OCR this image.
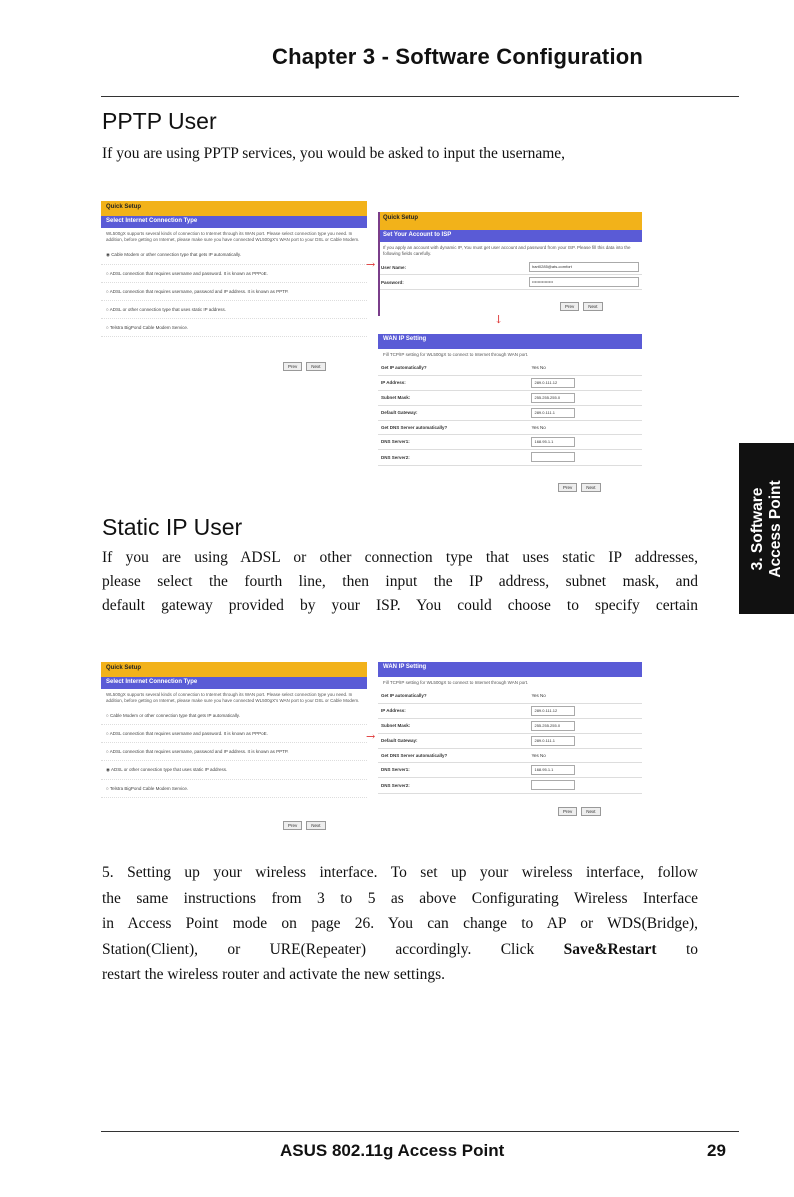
Chapter 3 - Software Configuration
PPTP User
If you are using PPTP services, you would be asked to input the username,
Quick Setup
Select Internet Connection Type
WL500gX supports several kinds of connection to Internet through its WAN port. Please select connection type you need. In addition, before getting on Internet, please make sure you have connected WL500gX's WAN port to your DSL or Cable Modem.
◉ Cable Modem or other connection type that gets IP automatically.
○ ADSL connection that requires username and password. It is known as PPPoE.
○ ADSL connection that requires username, password and IP address. It is known as PPTP.
○ ADSL or other connection type that uses static IP address.
○ Telstra BigPond Cable Modem Service.
Prev	Next
→
Quick Setup
Set Your Account to ISP
If you apply an account with dynamic IP, You must get user account and password from your ISP. Please fill this data into the following fields carefully.
User Name:	hart0285@ats-comfort
Password:	•••••••••••••••
Prev	Next
↓
WAN IP Setting
Fill TCP/IP setting for WL500gX to connect to Internet through WAN port.
Get IP automatically?	Yes No
IP Address:	289.0.111.12
Subnet Mask:	255.255.255.0
Default Gateway:	289.0.111.1
Get DNS Server automatically?	Yes No
DNS Server1:	168.95.1.1
DNS Server2:	
Prev	Next
Static IP User
If you are using ADSL or other connection type that uses static IP addresses,
please select the fourth line, then input the IP address, subnet mask, and
default gateway provided by your ISP. You could choose to specify certain
Quick Setup
Select Internet Connection Type
WL500gX supports several kinds of connection to Internet through its WAN port. Please select connection type you need. In addition, before getting on Internet, please make sure you have connected WL500gX's WAN port to your DSL or Cable Modem.
○ Cable Modem or other connection type that gets IP automatically.
○ ADSL connection that requires username and password. It is known as PPPoE.
○ ADSL connection that requires username, password and IP address. It is known as PPTP.
◉ ADSL or other connection type that uses static IP address.
○ Telstra BigPond Cable Modem Service.
Prev	Next
→
WAN IP Setting
Fill TCP/IP setting for WL500gX to connect to Internet through WAN port.
Get IP automatically?	Yes No
IP Address:	289.0.111.12
Subnet Mask:	255.255.255.0
Default Gateway:	289.0.111.1
Get DNS Server automatically?	Yes No
DNS Server1:	168.95.1.1
DNS Server2:	
Prev	Next
5. Setting up your wireless interface. To set up your wireless interface, follow
the same instructions from 3 to 5 as above Configurating Wireless Interface
in Access Point mode on page 26. You can change to AP or WDS(Bridge),
Station(Client), or URE(Repeater) accordingly. Click Save&Restart to
restart the wireless router and activate the new settings.
3. Software Access Point
ASUS 802.11g Access Point	29
